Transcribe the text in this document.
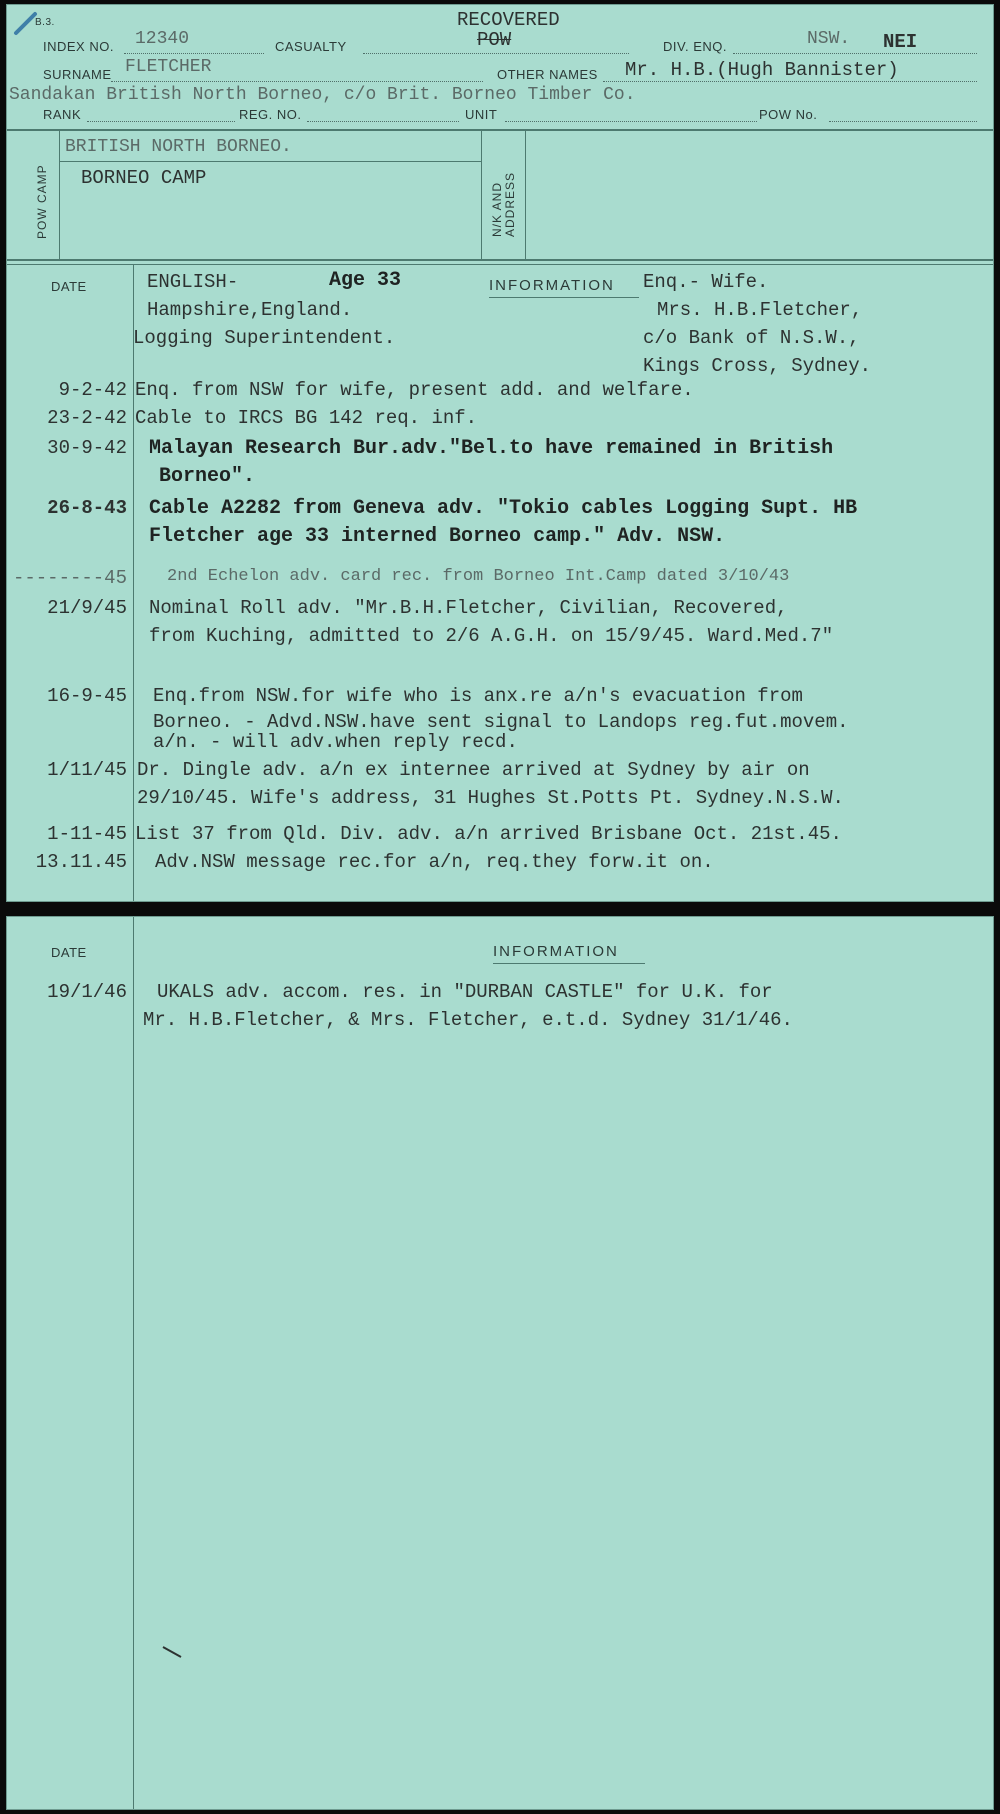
B.3.
INDEX NO. 12340	CASUALTY
RECOVERED
POW	DIV. ENQ.	NSW. NEI
SURNAME FLETCHER	OTHER NAMES Mr. H.B.(Hugh Bannister)
Sandakan British North Borneo, c/o Brit. Borneo Timber Co.
RANK	REG. NO.	UNIT	POW No.
POW CAMP
BRITISH NORTH BORNEO.
BORNEO CAMP
N/K AND ADDRESS
DATE	ENGLISH-	Age 33
Hampshire,England.
Logging Superintendent.
INFORMATION Enq.- Wife.
Mrs. H.B.Fletcher,
c/o Bank of N.S.W.,
Kings Cross, Sydney.
9-2-42 Enq. from NSW for wife, present add. and welfare.
23-2-42 Cable to IRCS BG 142 req. inf.
30-9-42 Malayan Research Bur.adv."Bel.to have remained in British
Borneo".
26-8-43 Cable A2282 from Geneva adv. "Tokio cables Logging Supt. HB
Fletcher age 33 interned Borneo camp." Adv. NSW.
--------45 2nd Echelon adv. card rec. from Borneo Int.Camp dated 3/10/43
21/9/45 Nominal Roll adv. "Mr.B.H.Fletcher, Civilian, Recovered,
from Kuching, admitted to 2/6 A.G.H. on 15/9/45. Ward.Med.7"
16-9-45 Enq.from NSW.for wife who is anx.re a/n's evacuation from
Borneo. - Advd.NSW.have sent signal to Landops reg.fut.movem.
a/n. - will adv.when reply recd.
1/11/45 Dr. Dingle adv. a/n ex internee arrived at Sydney by air on
29/10/45. Wife's address, 31 Hughes St.Potts Pt. Sydney.N.S.W.
1-11-45 List 37 from Qld. Div. adv. a/n arrived Brisbane Oct. 21st.45.
13.11.45 Adv.NSW message rec.for a/n, req.they forw.it on.
DATE	INFORMATION
19/1/46 UKALS adv. accom. res. in "DURBAN CASTLE" for U.K. for
Mr. H.B.Fletcher, & Mrs. Fletcher, e.t.d. Sydney 31/1/46.
